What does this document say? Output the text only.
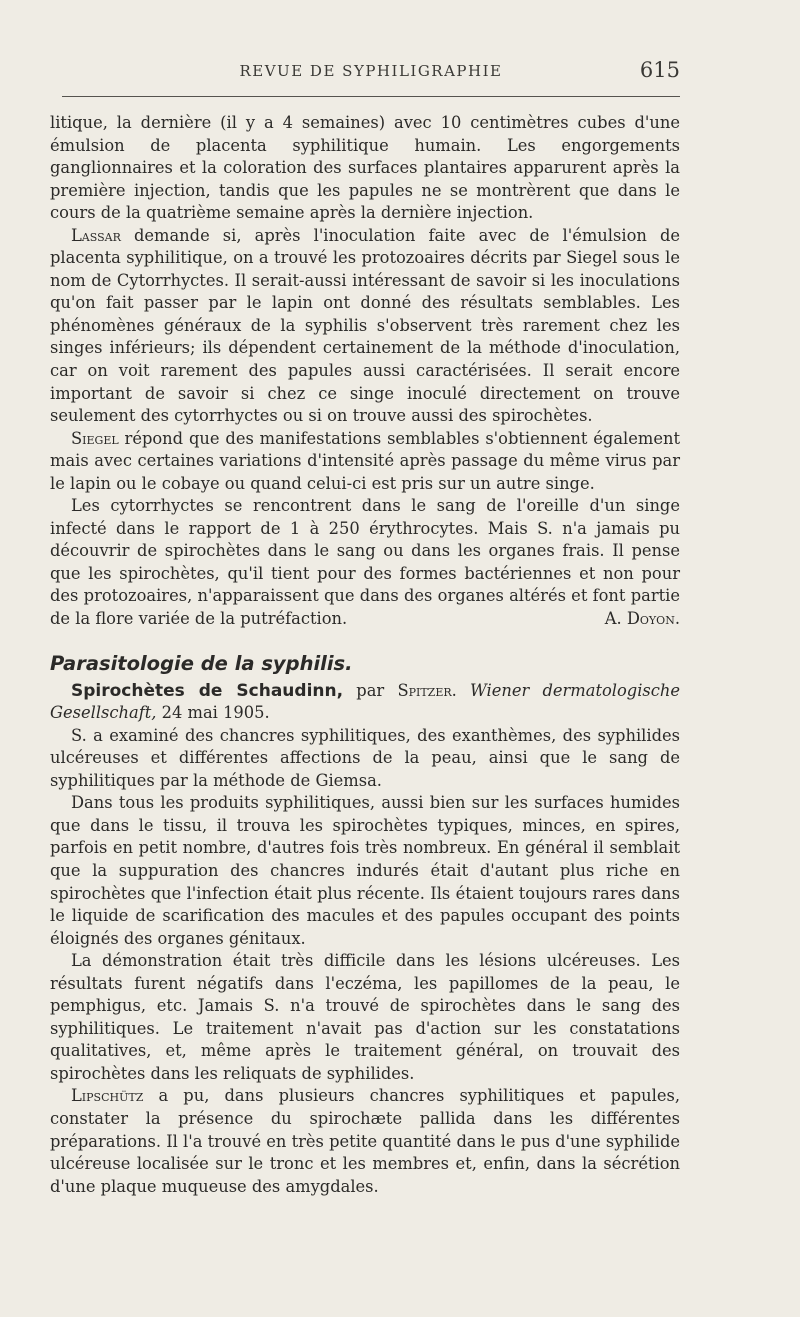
REVUE DE SYPHILIGRAPHIE	615

litique, la dernière (il y a 4 semaines) avec 10 centimètres cubes d'une émulsion de placenta syphilitique humain. Les engorgements ganglionnaires et la coloration des surfaces plantaires apparurent après la première injection, tandis que les papules ne se montrèrent que dans le cours de la quatrième semaine après la dernière injection.

Lassar demande si, après l'inoculation faite avec de l'émulsion de placenta syphilitique, on a trouvé les protozoaires décrits par Siegel sous le nom de Cytorrhyctes. Il serait-aussi intéressant de savoir si les inoculations qu'on fait passer par le lapin ont donné des résultats semblables. Les phénomènes généraux de la syphilis s'observent très rarement chez les singes inférieurs; ils dépendent certainement de la méthode d'inoculation, car on voit rarement des papules aussi caractérisées. Il serait encore important de savoir si chez ce singe inoculé directement on trouve seulement des cytorrhyctes ou si on trouve aussi des spirochètes.

Siegel répond que des manifestations semblables s'obtiennent également mais avec certaines variations d'intensité après passage du même virus par le lapin ou le cobaye ou quand celui-ci est pris sur un autre singe.

Les cytorrhyctes se rencontrent dans le sang de l'oreille d'un singe infecté dans le rapport de 1 à 250 érythrocytes. Mais S. n'a jamais pu découvrir de spirochètes dans le sang ou dans les organes frais. Il pense que les spirochètes, qu'il tient pour des formes bactériennes et non pour des protozoaires, n'apparaissent que dans des organes altérés et font partie de la flore variée de la putréfaction.	A. Doyon.

Parasitologie de la syphilis.

Spirochètes de Schaudinn, par Spitzer. Wiener dermatologische Gesellschaft, 24 mai 1905.

S. a examiné des chancres syphilitiques, des exanthèmes, des syphilides ulcéreuses et différentes affections de la peau, ainsi que le sang de syphilitiques par la méthode de Giemsa.

Dans tous les produits syphilitiques, aussi bien sur les surfaces humides que dans le tissu, il trouva les spirochètes typiques, minces, en spires, parfois en petit nombre, d'autres fois très nombreux. En général il semblait que la suppuration des chancres indurés était d'autant plus riche en spirochètes que l'infection était plus récente. Ils étaient toujours rares dans le liquide de scarification des macules et des papules occupant des points éloignés des organes génitaux.

La démonstration était très difficile dans les lésions ulcéreuses. Les résultats furent négatifs dans l'eczéma, les papillomes de la peau, le pemphigus, etc. Jamais S. n'a trouvé de spirochètes dans le sang des syphilitiques. Le traitement n'avait pas d'action sur les constatations qualitatives, et, même après le traitement général, on trouvait des spirochètes dans les reliquats de syphilides.

Lipschütz a pu, dans plusieurs chancres syphilitiques et papules, constater la présence du spirochæte pallida dans les différentes préparations. Il l'a trouvé en très petite quantité dans le pus d'une syphilide ulcéreuse localisée sur le tronc et les membres et, enfin, dans la sécrétion d'une plaque muqueuse des amygdales.
